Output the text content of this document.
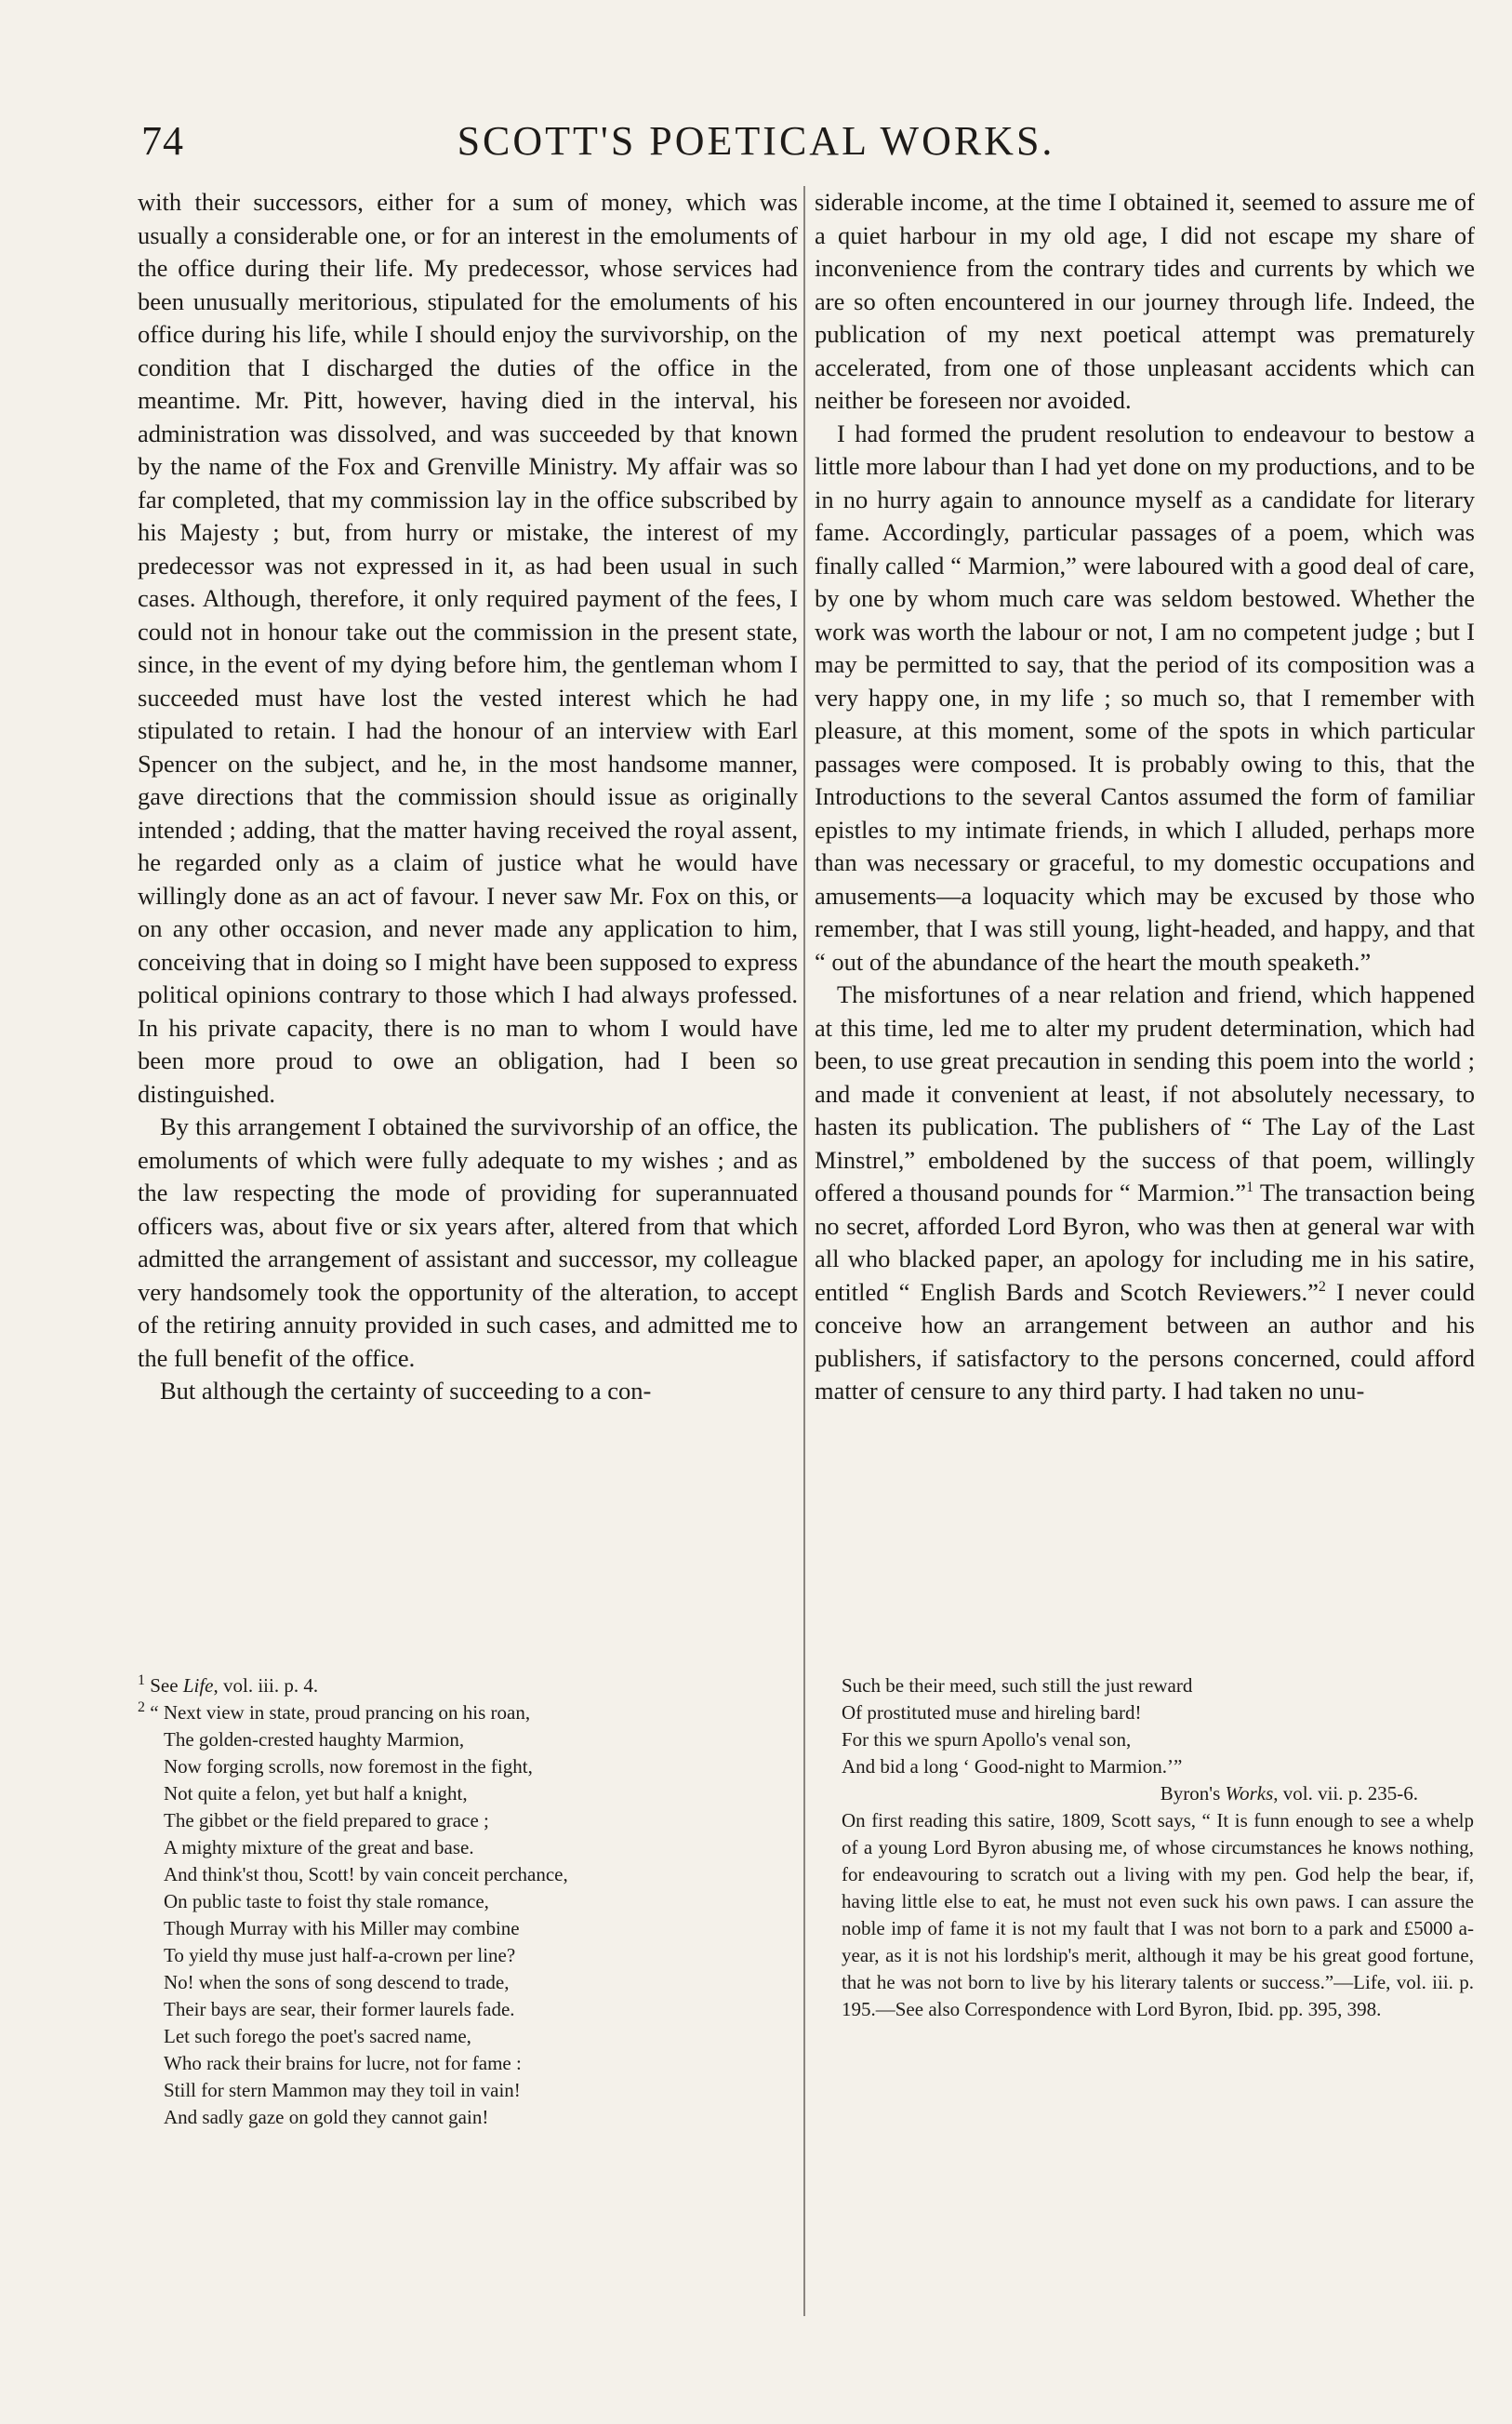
74	SCOTT'S POETICAL WORKS.

with their successors, either for a sum of money, which was usually a considerable one, or for an interest in the emoluments of the office during their life. My predecessor, whose services had been unusually meritorious, stipulated for the emoluments of his office during his life, while I should enjoy the survivorship, on the condition that I discharged the duties of the office in the meantime. Mr. Pitt, however, having died in the interval, his administration was dissolved, and was succeeded by that known by the name of the Fox and Grenville Ministry. My affair was so far completed, that my commission lay in the office subscribed by his Majesty ; but, from hurry or mistake, the interest of my predecessor was not expressed in it, as had been usual in such cases. Although, therefore, it only required payment of the fees, I could not in honour take out the commission in the present state, since, in the event of my dying before him, the gentleman whom I succeeded must have lost the vested interest which he had stipulated to retain. I had the honour of an interview with Earl Spencer on the subject, and he, in the most handsome manner, gave directions that the commission should issue as originally intended ; adding, that the matter having received the royal assent, he regarded only as a claim of justice what he would have willingly done as an act of favour. I never saw Mr. Fox on this, or on any other occasion, and never made any application to him, conceiving that in doing so I might have been supposed to express political opinions contrary to those which I had always professed. In his private capacity, there is no man to whom I would have been more proud to owe an obligation, had I been so distinguished.

By this arrangement I obtained the survivorship of an office, the emoluments of which were fully adequate to my wishes ; and as the law respecting the mode of providing for superannuated officers was, about five or six years after, altered from that which admitted the arrangement of assistant and successor, my colleague very handsomely took the opportunity of the alteration, to accept of the retiring annuity provided in such cases, and admitted me to the full benefit of the office.

But although the certainty of succeeding to a con-

siderable income, at the time I obtained it, seemed to assure me of a quiet harbour in my old age, I did not escape my share of inconvenience from the contrary tides and currents by which we are so often encountered in our journey through life. Indeed, the publication of my next poetical attempt was prematurely accelerated, from one of those unpleasant accidents which can neither be foreseen nor avoided.

I had formed the prudent resolution to endeavour to bestow a little more labour than I had yet done on my productions, and to be in no hurry again to announce myself as a candidate for literary fame. Accordingly, particular passages of a poem, which was finally called “ Marmion,” were laboured with a good deal of care, by one by whom much care was seldom bestowed. Whether the work was worth the labour or not, I am no competent judge ; but I may be permitted to say, that the period of its composition was a very happy one, in my life ; so much so, that I remember with pleasure, at this moment, some of the spots in which particular passages were composed. It is probably owing to this, that the Introductions to the several Cantos assumed the form of familiar epistles to my intimate friends, in which I alluded, perhaps more than was necessary or graceful, to my domestic occupations and amusements—a loquacity which may be excused by those who remember, that I was still young, light-headed, and happy, and that “ out of the abundance of the heart the mouth speaketh.”

The misfortunes of a near relation and friend, which happened at this time, led me to alter my prudent determination, which had been, to use great precaution in sending this poem into the world ; and made it convenient at least, if not absolutely necessary, to hasten its publication. The publishers of “ The Lay of the Last Minstrel,” emboldened by the success of that poem, willingly offered a thousand pounds for “ Marmion.”$^1$ The transaction being no secret, afforded Lord Byron, who was then at general war with all who blacked paper, an apology for including me in his satire, entitled “ English Bards and Scotch Reviewers.”$^2$ I never could conceive how an arrangement between an author and his publishers, if satisfactory to the persons concerned, could afford matter of censure to any third party. I had taken no unu-

$^1$ See Life, vol. iii. p. 4.

$^2$ “ Next view in state, proud prancing on his roan,

The golden-crested haughty Marmion,
Now forging scrolls, now foremost in the fight,
Not quite a felon, yet but half a knight,
The gibbet or the field prepared to grace ;
A mighty mixture of the great and base.
And think'st thou, Scott! by vain conceit perchance,
On public taste to foist thy stale romance,
Though Murray with his Miller may combine
To yield thy muse just half-a-crown per line?
No! when the sons of song descend to trade,
Their bays are sear, their former laurels fade.
Let such forego the poet's sacred name,
Who rack their brains for lucre, not for fame :
Still for stern Mammon may they toil in vain!
And sadly gaze on gold they cannot gain!
Such be their meed, such still the just reward
Of prostituted muse and hireling bard!
For this we spurn Apollo's venal son,
And bid a long ‘ Good-night to Marmion.’”

Byron's Works, vol. vii. p. 235-6.

On first reading this satire, 1809, Scott says, “ It is funn enough to see a whelp of a young Lord Byron abusing me, of whose circumstances he knows nothing, for endeavouring to scratch out a living with my pen. God help the bear, if, having little else to eat, he must not even suck his own paws. I can assure the noble imp of fame it is not my fault that I was not born to a park and £5000 a-year, as it is not his lordship's merit, although it may be his great good fortune, that he was not born to live by his literary talents or success.”—Life, vol. iii. p. 195.—See also Correspondence with Lord Byron, Ibid. pp. 395, 398.
